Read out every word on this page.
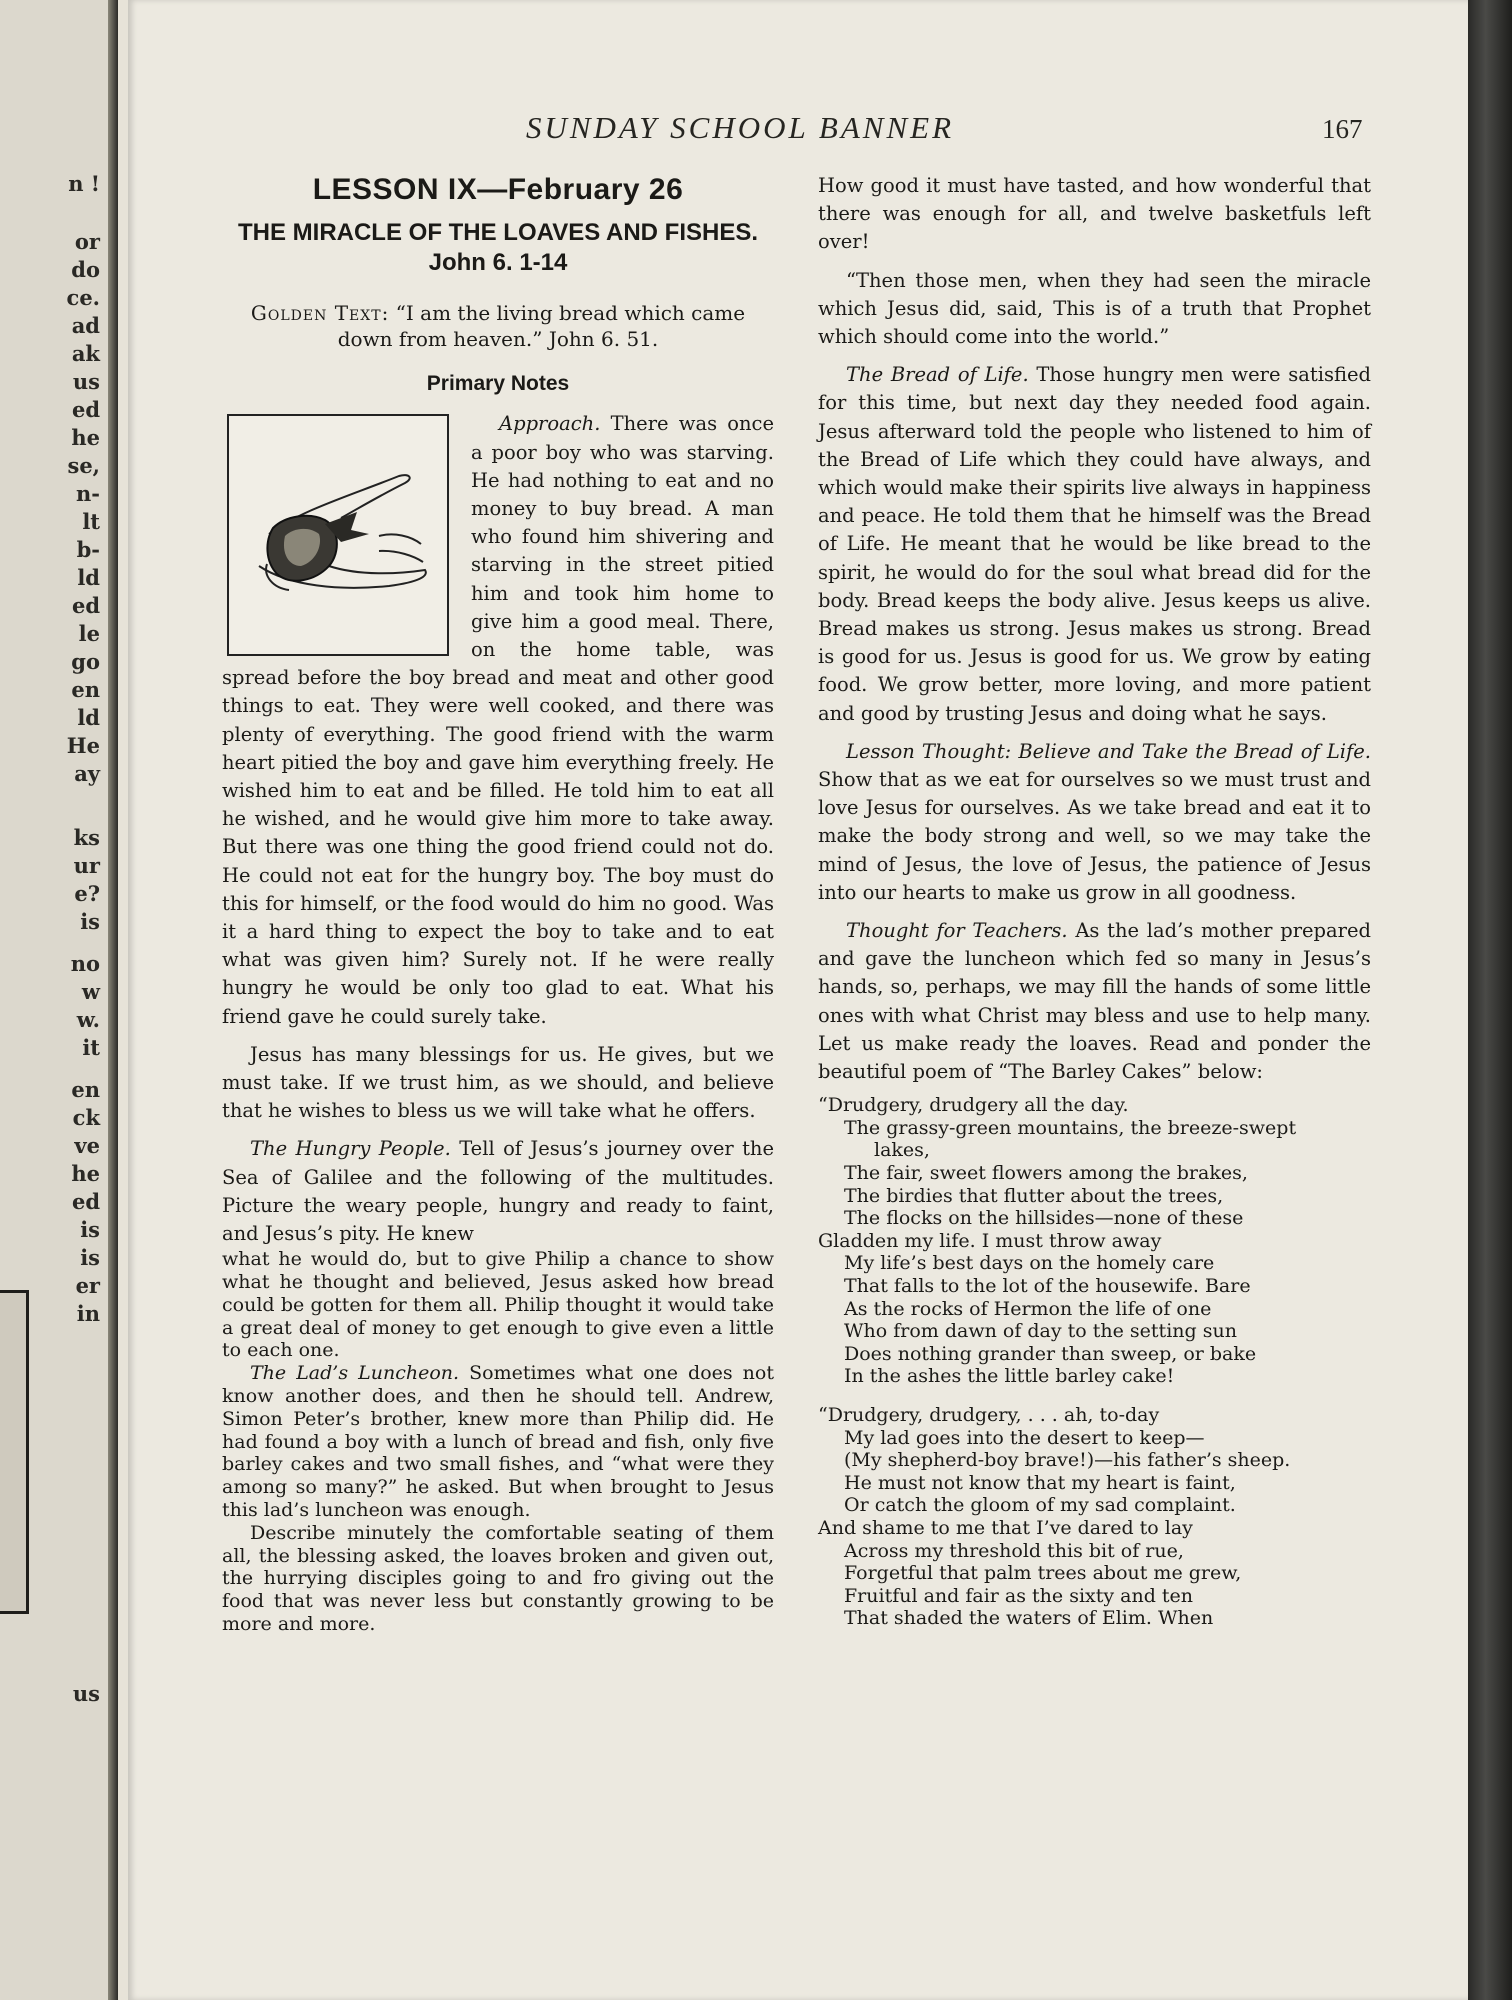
n !
or
do
ce.
ad
ak
us
ed
he
se,
n-
lt
b-
ld
ed
le
go
en
ld
He
ay
ks
ur
e?
is
no
w
w.
it
en
ck
ve
he
ed
is
is
er
in
us
SUNDAY SCHOOL BANNER	167
LESSON IX—February 26
THE MIRACLE OF THE LOAVES AND FISHES. John 6. 1-14
Golden Text: “I am the living bread which came down from heaven.” John 6. 51.
Primary Notes

Approach. There was once a poor boy who was starving. He had nothing to eat and no money to buy bread. A man who found him shivering and starving in the street pitied him and took him home to give him a good meal. There, on the home table, was spread before the boy bread and meat and other good things to eat. They were well cooked, and there was plenty of everything. The good friend with the warm heart pitied the boy and gave him everything freely. He wished him to eat and be filled. He told him to eat all he wished, and he would give him more to take away. But there was one thing the good friend could not do. He could not eat for the hungry boy. The boy must do this for himself, or the food would do him no good. Was it a hard thing to expect the boy to take and to eat what was given him? Surely not. If he were really hungry he would be only too glad to eat. What his friend gave he could surely take.

Jesus has many blessings for us. He gives, but we must take. If we trust him, as we should, and believe that he wishes to bless us we will take what he offers.

The Hungry People. Tell of Jesus’s journey over the Sea of Galilee and the following of the multitudes. Picture the weary people, hungry and ready to faint, and Jesus’s pity. He knew

what he would do, but to give Philip a chance to show what he thought and believed, Jesus asked how bread could be gotten for them all. Philip thought it would take a great deal of money to get enough to give even a little to each one.

The Lad’s Luncheon. Sometimes what one does not know another does, and then he should tell. Andrew, Simon Peter’s brother, knew more than Philip did. He had found a boy with a lunch of bread and fish, only five barley cakes and two small fishes, and “what were they among so many?” he asked. But when brought to Jesus this lad’s luncheon was enough.

Describe minutely the comfortable seating of them all, the blessing asked, the loaves broken and given out, the hurrying disciples going to and fro giving out the food that was never less but constantly growing to be more and more.

How good it must have tasted, and how wonderful that there was enough for all, and twelve basketfuls left over!

“Then those men, when they had seen the miracle which Jesus did, said, This is of a truth that Prophet which should come into the world.”

The Bread of Life. Those hungry men were satisfied for this time, but next day they needed food again. Jesus afterward told the people who listened to him of the Bread of Life which they could have always, and which would make their spirits live always in happiness and peace. He told them that he himself was the Bread of Life. He meant that he would be like bread to the spirit, he would do for the soul what bread did for the body. Bread keeps the body alive. Jesus keeps us alive. Bread makes us strong. Jesus makes us strong. Bread is good for us. Jesus is good for us. We grow by eating food. We grow better, more loving, and more patient and good by trusting Jesus and doing what he says.

Lesson Thought: Believe and Take the Bread of Life. Show that as we eat for ourselves so we must trust and love Jesus for ourselves. As we take bread and eat it to make the body strong and well, so we may take the mind of Jesus, the love of Jesus, the patience of Jesus into our hearts to make us grow in all goodness.

Thought for Teachers. As the lad’s mother prepared and gave the luncheon which fed so many in Jesus’s hands, so, perhaps, we may fill the hands of some little ones with what Christ may bless and use to help many. Let us make ready the loaves. Read and ponder the beautiful poem of “The Barley Cakes” below:

“Drudgery, drudgery all the day.
The grassy-green mountains, the breeze-swept
lakes,
The fair, sweet flowers among the brakes,
The birdies that flutter about the trees,
The flocks on the hillsides—none of these
Gladden my life. I must throw away
My life’s best days on the homely care
That falls to the lot of the housewife. Bare
As the rocks of Hermon the life of one
Who from dawn of day to the setting sun
Does nothing grander than sweep, or bake
In the ashes the little barley cake!
“Drudgery, drudgery, . . . ah, to-day
My lad goes into the desert to keep—
(My shepherd-boy brave!)—his father’s sheep.
He must not know that my heart is faint,
Or catch the gloom of my sad complaint.
And shame to me that I’ve dared to lay
Across my threshold this bit of rue,
Forgetful that palm trees about me grew,
Fruitful and fair as the sixty and ten
That shaded the waters of Elim. When
